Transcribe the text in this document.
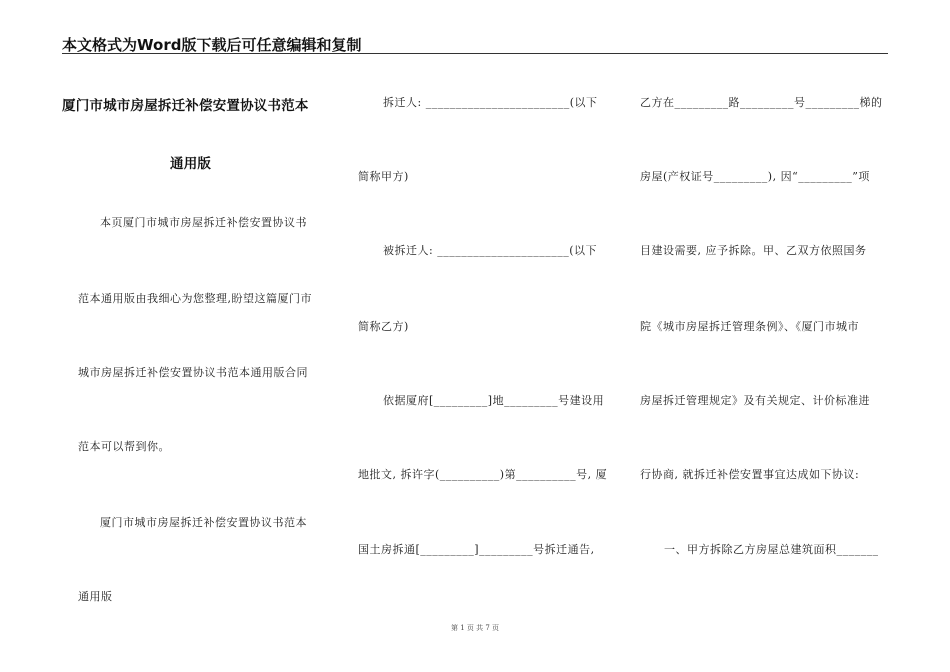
本文格式为Word版下载后可任意编辑和复制
厦门市城市房屋拆迁补偿安置协议书范本
通用版
本页厦门市城市房屋拆迁补偿安置协议书
范本通用版由我细心为您整理,盼望这篇厦门市
城市房屋拆迁补偿安置协议书范本通用版合同
范本可以帮到你。
厦门市城市房屋拆迁补偿安置协议书范本
通用版
拆迁人: ________________________(以下
简称甲方)
被拆迁人: ______________________(以下
简称乙方)
依据厦府[_________]地_________号建设用
地批文, 拆许字(__________)第__________号, 厦
国土房拆通[_________]_________号拆迁通告,
乙方在_________路_________号_________梯的
房屋(产权证号_________), 因“_________”项
目建设需要, 应予拆除。甲、乙双方依照国务
院《城市房屋拆迁管理条例》、《厦门市城市
房屋拆迁管理规定》及有关规定、计价标准进
行协商, 就拆迁补偿安置事宜达成如下协议:
一、甲方拆除乙方房屋总建筑面积_______
第 1 页 共 7 页
